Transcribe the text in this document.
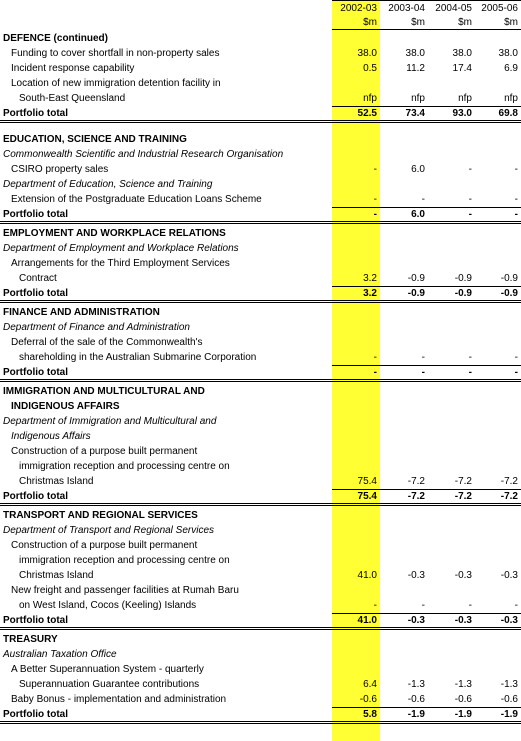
2002-03	2003-04	2004-05 2005-06
$m	$m	$m	$m
DEFENCE (continued)
Funding to cover shortfall in non-property sales	38.0	38.0	38.0	38.0
Incident response capability	0.5	11.2	17.4	6.9
Location of new immigration detention facility in
South-East Queensland	nfp	nfp	nfp	nfp
Portfolio total	52.5	73.4	93.0	69.8
EDUCATION, SCIENCE AND TRAINING
Commonwealth Scientific and Industrial Research Organisation
CSIRO property sales	-	6.0	-	-
Department of Education, Science and Training
Extension of the Postgraduate Education Loans Scheme	-	-	-	-
Portfolio total	-	6.0	-	-
EMPLOYMENT AND WORKPLACE RELATIONS
Department of Employment and Workplace Relations
Arrangements for the Third Employment Services
Contract	3.2	-0.9	-0.9	-0.9
Portfolio total	3.2	-0.9	-0.9	-0.9
FINANCE AND ADMINISTRATION
Department of Finance and Administration
Deferral of the sale of the Commonwealth's
shareholding in the Australian Submarine Corporation	-	-	-	-
Portfolio total	-	-	-	-
IMMIGRATION AND MULTICULTURAL AND
INDIGENOUS AFFAIRS
Department of Immigration and Multicultural and
Indigenous Affairs
Construction of a purpose built permanent
immigration reception and processing centre on
Christmas Island	75.4	-7.2	-7.2	-7.2
Portfolio total	75.4	-7.2	-7.2	-7.2
TRANSPORT AND REGIONAL SERVICES
Department of Transport and Regional Services
Construction of a purpose built permanent
immigration reception and processing centre on
Christmas Island	41.0	-0.3	-0.3	-0.3
New freight and passenger facilities at Rumah Baru
on West Island, Cocos (Keeling) Islands	-	-	-	-
Portfolio total	41.0	-0.3	-0.3	-0.3
TREASURY
Australian Taxation Office
A Better Superannuation System - quarterly
Superannuation Guarantee contributions	6.4	-1.3	-1.3	-1.3
Baby Bonus - implementation and administration	-0.6	-0.6	-0.6	-0.6
Portfolio total	5.8	-1.9	-1.9	-1.9
